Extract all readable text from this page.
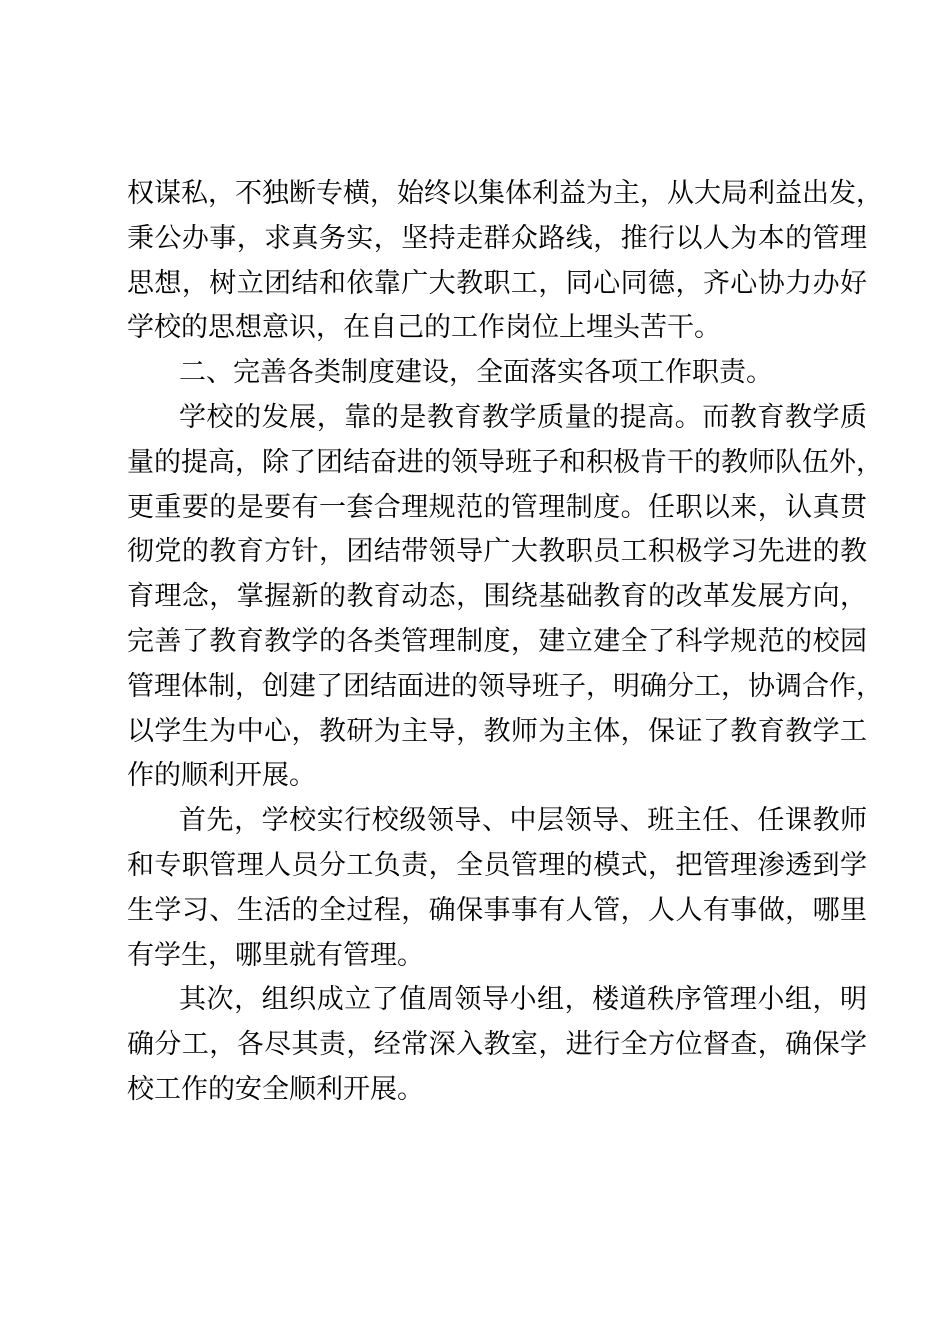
权谋私，不独断专横，始终以集体利益为主，从大局利益出发，
秉公办事，求真务实，坚持走群众路线，推行以人为本的管理
思想，树立团结和依靠广大教职工，同心同德，齐心协力办好
学校的思想意识，在自己的工作岗位上埋头苦干。
二、完善各类制度建设，全面落实各项工作职责。
学校的发展，靠的是教育教学质量的提高。而教育教学质
量的提高，除了团结奋进的领导班子和积极肯干的教师队伍外，
更重要的是要有一套合理规范的管理制度。任职以来，认真贯
彻党的教育方针，团结带领导广大教职员工积极学习先进的教
育理念，掌握新的教育动态，围绕基础教育的改革发展方向，
完善了教育教学的各类管理制度，建立建全了科学规范的校园
管理体制，创建了团结面进的领导班子，明确分工，协调合作，
以学生为中心，教研为主导，教师为主体，保证了教育教学工
作的顺利开展。
首先，学校实行校级领导、中层领导、班主任、任课教师
和专职管理人员分工负责，全员管理的模式，把管理渗透到学
生学习、生活的全过程，确保事事有人管，人人有事做，哪里
有学生，哪里就有管理。
其次，组织成立了值周领导小组，楼道秩序管理小组，明
确分工，各尽其责，经常深入教室，进行全方位督查，确保学
校工作的安全顺利开展。
